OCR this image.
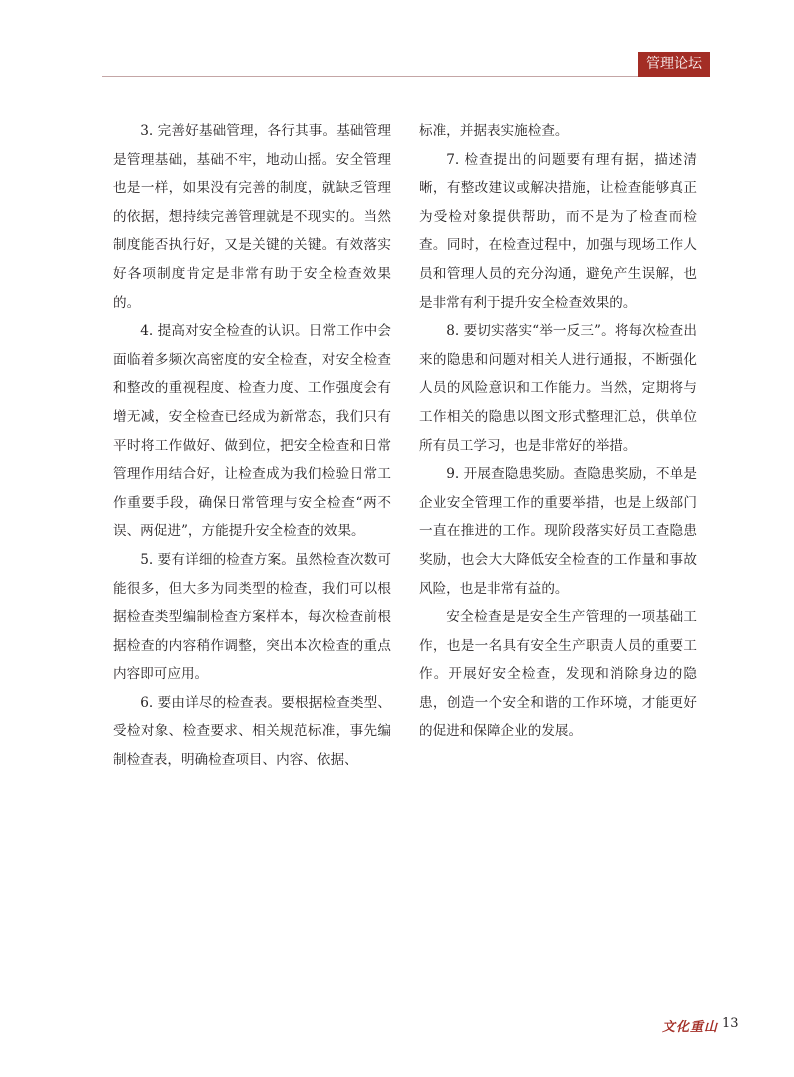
管理论坛

3. 完善好基础管理，各行其事。基础管理是管理基础，基础不牢，地动山摇。安全管理也是一样，如果没有完善的制度，就缺乏管理的依据，想持续完善管理就是不现实的。当然制度能否执行好，又是关键的关键。有效落实好各项制度肯定是非常有助于安全检查效果的。

4. 提高对安全检查的认识。日常工作中会面临着多频次高密度的安全检查，对安全检查和整改的重视程度、检查力度、工作强度会有增无减，安全检查已经成为新常态，我们只有平时将工作做好、做到位，把安全检查和日常管理作用结合好，让检查成为我们检验日常工作重要手段，确保日常管理与安全检查“两不误、两促进”，方能提升安全检查的效果。

5. 要有详细的检查方案。虽然检查次数可能很多，但大多为同类型的检查，我们可以根据检查类型编制检查方案样本，每次检查前根据检查的内容稍作调整，突出本次检查的重点内容即可应用。

6. 要由详尽的检查表。要根据检查类型、受检对象、检查要求、相关规范标准，事先编制检查表，明确检查项目、内容、依据、

标准，并据表实施检查。

7. 检查提出的问题要有理有据，描述清晰，有整改建议或解决措施，让检查能够真正为受检对象提供帮助，而不是为了检查而检查。同时，在检查过程中，加强与现场工作人员和管理人员的充分沟通，避免产生误解，也是非常有利于提升安全检查效果的。

8. 要切实落实“举一反三”。将每次检查出来的隐患和问题对相关人进行通报，不断强化人员的风险意识和工作能力。当然，定期将与工作相关的隐患以图文形式整理汇总，供单位所有员工学习，也是非常好的举措。

9. 开展查隐患奖励。查隐患奖励，不单是企业安全管理工作的重要举措，也是上级部门一直在推进的工作。现阶段落实好员工查隐患奖励，也会大大降低安全检查的工作量和事故风险，也是非常有益的。

安全检查是是安全生产管理的一项基础工作，也是一名具有安全生产职责人员的重要工作。开展好安全检查，发现和消除身边的隐患，创造一个安全和谐的工作环境，才能更好的促进和保障企业的发展。

文化重山 13
